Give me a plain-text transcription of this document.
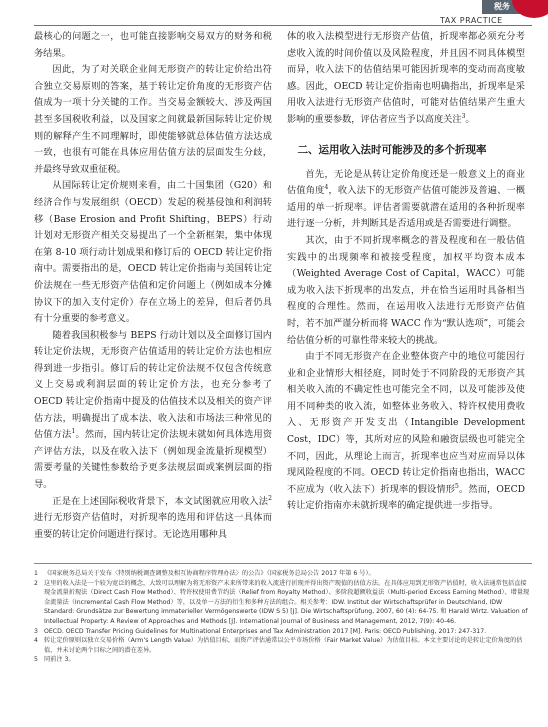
税务
TAX PRACTICE

最核心的问题之一，也可能直接影响交易双方的财务和税务结果。

因此，为了对关联企业间无形资产的转让定价给出符合独立交易原则的答案，基于转让定价角度的无形资产估值成为一项十分关键的工作。当交易金额较大、涉及两国甚至多国税收利益，以及国家之间就最新国际转让定价规则的解释产生不同理解时，即使能够就总体估值方法达成一致，也很有可能在具体应用估值方法的层面发生分歧，并最终导致双重征税。

从国际转让定价规则来看，由二十国集团（G20）和经济合作与发展组织（OECD）发起的税基侵蚀和利润转移（Base Erosion and Profit Shifting，BEPS）行动计划对无形资产相关交易提出了一个全新框架，集中体现在第 8-10 项行动计划成果和修订后的 OECD 转让定价指南中。需要指出的是，OECD 转让定价指南与美国转让定价法规在一些无形资产估值和定价问题上（例如成本分摊协议下的加入支付定价）存在立场上的差异，但后者仍具有十分重要的参考意义。

随着我国积极参与 BEPS 行动计划以及全面修订国内转让定价法规，无形资产估值适用的转让定价方法也相应得到进一步指引。修订后的转让定价法规不仅包含传统意义上交易或利润层面的转让定价方法，也充分参考了 OECD 转让定价指南中提及的估值技术以及相关的资产评估方法，明确提出了成本法、收入法和市场法三种常见的估值方法$^1$。然而，国内转让定价法规未就如何具体选用资产评估方法，以及在收入法下（例如现金流量折现模型）需要考量的关键性参数给予更多法规层面或案例层面的指导。

正是在上述国际税收背景下，本文试图就应用收入法$^2$进行无形资产估值时，对折现率的选用和评估这一具体而重要的转让定价问题进行探讨。无论选用哪种具

体的收入法模型进行无形资产估值，折现率都必须充分考虑收入流的时间价值以及风险程度，并且因不同具体模型而异，收入法下的估值结果可能因折现率的变动而高度敏感。因此，OECD 转让定价指南也明确指出，折现率是采用收入法进行无形资产估值时，可能对估值结果产生重大影响的重要参数，评估者应当予以高度关注$^3$。

二、运用收入法时可能涉及的多个折现率

首先，无论是从转让定价角度还是一般意义上的商业估值角度$^4$，收入法下的无形资产估值可能涉及普遍、一概适用的单一折现率。评估者需要就潜在适用的各种折现率进行逐一分析，并判断其是否适用或是否需要进行调整。

其次，由于不同折现率概念的普及程度和在一般估值实践中的出现频率和被接受程度，加权平均资本成本（Weighted Average Cost of Capital，WACC）可能成为收入法下折现率的出发点，并在恰当运用时具备相当程度的合理性。然而，在运用收入法进行无形资产估值时，若不加严谨分析而将 WACC 作为“默认选项”，可能会给估值分析的可靠性带来较大的挑战。

由于不同无形资产在企业整体资产中的地位可能因行业和企业情形大相径庭，同时处于不同阶段的无形资产其相关收入流的不确定性也可能完全不同，以及可能涉及使用不同种类的收入流，如整体业务收入、特许权使用费收入、无形资产开发支出（Intangible Development Cost，IDC）等，其所对应的风险和融资层级也可能完全不同，因此，从理论上而言，折现率也应当对应而异以体现风险程度的不同。OECD 转让定价指南也指出，WACC 不应成为（收入法下）折现率的假设情形$^5$。然而，OECD 转让定价指南亦未就折现率的确定提供进一步指导。

1 《国家税务总局关于发布〈特别纳税调查调整及相互协商程序管理办法〉的公告》（国家税务总局公告 2017 年第 6 号）。
2 这里的收入法是一个较为宽泛的概念，大致可以理解为将无形资产未来所带来的收入流进行折现并得出资产现值的估值方法。在具体应用到无形资产估值时，收入法通常包括直接现金流量折现法（Direct Cash Flow Method）、特许权使用费节约法（Relief from Royalty Method）、多阶段超额收益法（Multi-period Excess Earning Method）、增量现金流量法（Incremental Cash Flow Method）等，以及单一方法的衍生和多种方法的组合。相关参考：IDW. Institut der Wirtschaftsprüfer in Deutschland, IDW Standard: Grundsätze zur Bewertung immaterieller Vermögenswerte (IDW S 5) [J]. Die Wirtschaftsprüfung, 2007, 60 (4): 64-75. 和 Harald Wirtz. Valuation of Intellectual Property: A Review of Approaches and Methods [J]. International Journal of Business and Management, 2012, 7(9): 40-46.
3 OECD. OECD Transfer Pricing Guidelines for Multinational Enterprises and Tax Administration 2017 [M]. Paris: OECD Publishing, 2017: 247-317.
4 转让定价原则以独立交易价格（Arm’s Length Value）为估值目标，而资产评估通常以公平市场价格（Fair Market Value）为估值目标。本文主要讨论的是转让定价角度的估值，并未讨论两个目标之间的潜在差异。
5 同前注 3。
